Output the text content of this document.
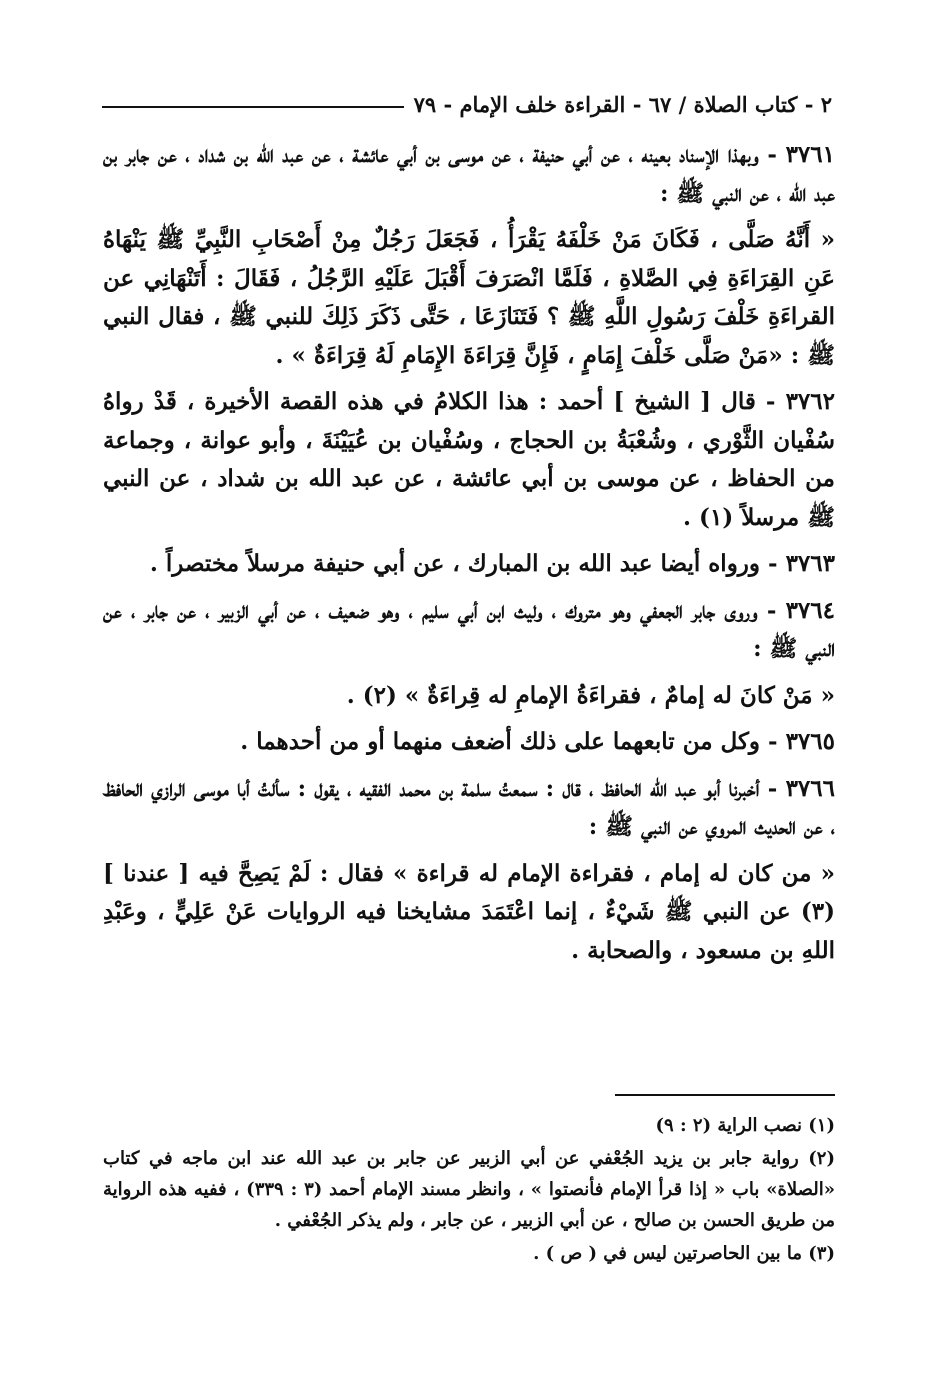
٢ - كتاب الصلاة / ٦٧ - القراءة خلف الإمام - ٧٩

٣٧٦١ - وبهذا الإسناد بعينه ، عن أبي حنيفة ، عن موسى بن أبي عائشة ، عن عبد الله بن شداد ، عن جابر بن عبد الله ، عن النبي ﷺ :

« أَنَّهُ صَلَّى ، فَكَانَ مَنْ خَلْفَهُ يَقْرَأُ ، فَجَعَلَ رَجُلٌ مِنْ أَصْحَابِ النَّبِيِّ ﷺ يَنْهَاهُ عَنِ القِرَاءَةِ فِي الصَّلاةِ ، فَلَمَّا انْصَرَفَ أَقْبَلَ عَلَيْهِ الرَّجُلُ ، فَقَالَ : أَتَنْهَانِي عن القراءَةِ خَلْفَ رَسُولِ اللَّهِ ﷺ ؟ فَتَنَازَعَا ، حَتَّى ذَكَرَ ذَلِكَ للنبي ﷺ ، فقال النبي ﷺ : «مَنْ صَلَّى خَلْفَ إِمَامٍ ، فَإِنَّ قِرَاءَةَ الإِمَامِ لَهُ قِرَاءَةٌ » .

٣٧٦٢ - قال [ الشيخ ] أحمد : هذا الكلامُ في هذه القصة الأخيرة ، قَدْ رواهُ سُفْيان الثَّوْري ، وشُعْبَةُ بن الحجاج ، وسُفْيان بن عُيَيْنَةَ ، وأبو عوانة ، وجماعة من الحفاظ ، عن موسى بن أبي عائشة ، عن عبد الله بن شداد ، عن النبي ﷺ مرسلاً (١) .

٣٧٦٣ - ورواه أيضا عبد الله بن المبارك ، عن أبي حنيفة مرسلاً مختصراً .

٣٧٦٤ - وروى جابر الجعفي وهو متروك ، وليث ابن أبي سليم ، وهو ضعيف ، عن أبي الزبير ، عن جابر ، عن النبي ﷺ :

« مَنْ كانَ له إمامٌ ، فقراءَةُ الإمامِ له قِراءَةٌ » (٢) .

٣٧٦٥ - وكل من تابعهما على ذلك أضعف منهما أو من أحدهما .

٣٧٦٦ - أخبرنا أبو عبد الله الحافظ ، قال : سمعتُ سلمة بن محمد الفقيه ، يقول : سألتُ أبا موسى الرازي الحافظ ، عن الحديث المروي عن النبي ﷺ :

« من كان له إمام ، فقراءة الإمام له قراءة » فقال : لَمْ يَصِحَّ فيه [ عندنا ] (٣) عن النبي ﷺ شَيْءٌ ، إنما اعْتَمَدَ مشايخنا فيه الروايات عَنْ عَلِيٍّ ، وعَبْدِ اللهِ بن مسعود ، والصحابة .

(١) نصب الراية (٢ : ٩)

(٢) رواية جابر بن يزيد الجُعْفي عن أبي الزبير عن جابر بن عبد الله عند ابن ماجه في كتاب «الصلاة» باب « إذا قرأ الإمام فأنصتوا » ، وانظر مسند الإمام أحمد (٣ : ٣٣٩) ، ففيه هذه الرواية من طريق الحسن بن صالح ، عن أبي الزبير ، عن جابر ، ولم يذكر الجُعْفي .

(٣) ما بين الحاصرتين ليس في ( ص ) .
